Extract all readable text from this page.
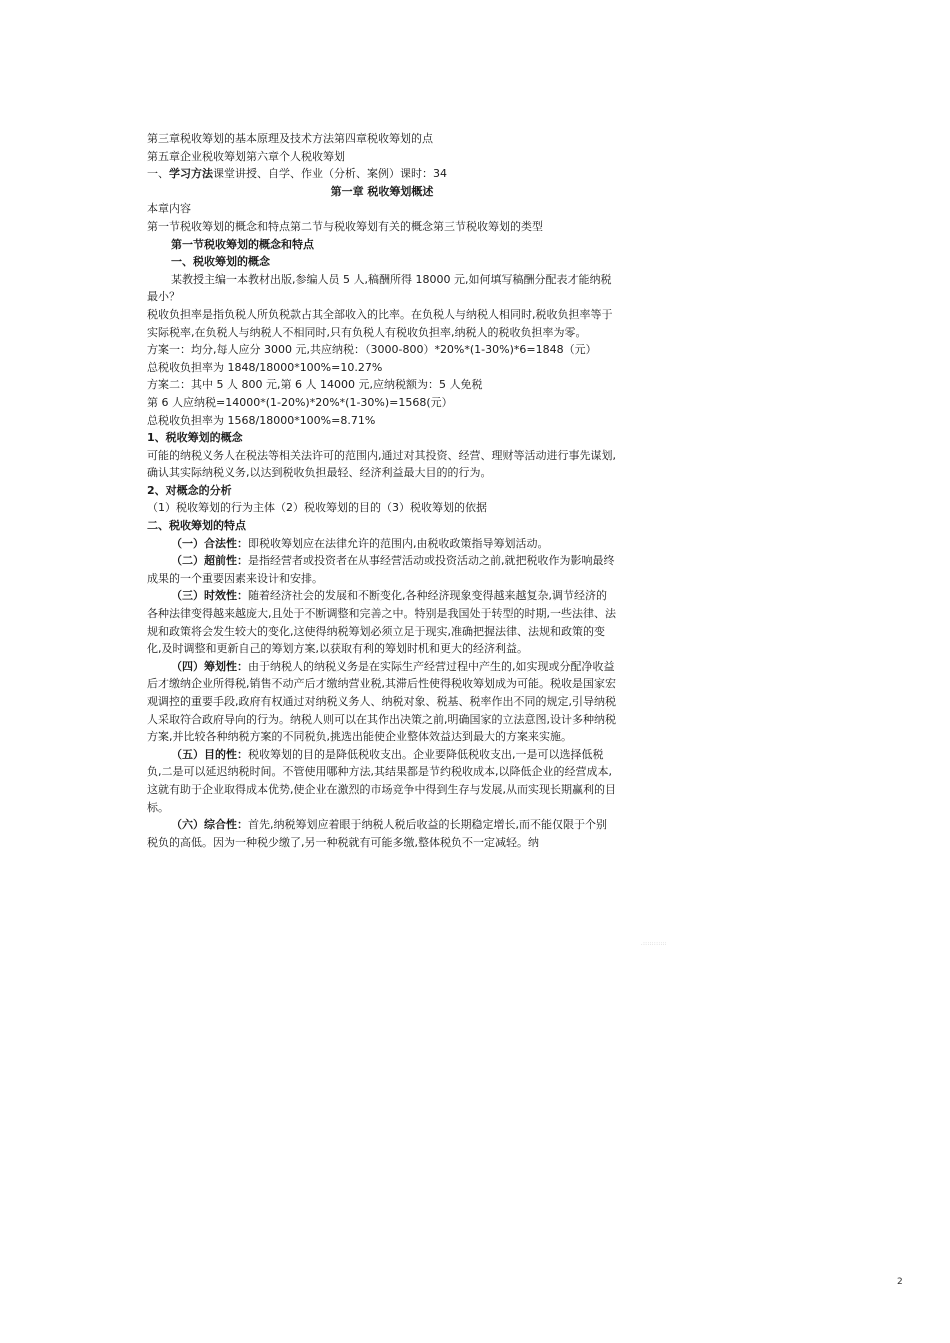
第三章税收筹划的基本原理及技术方法第四章税收筹划的点

第五章企业税收筹划第六章个人税收筹划

一、学习方法课堂讲授、自学、作业（分析、案例）课时：34

第一章 税收筹划概述

本章内容

第一节税收筹划的概念和特点第二节与税收筹划有关的概念第三节税收筹划的类型

第一节税收筹划的概念和特点

一、税收筹划的概念

某教授主编一本教材出版,参编人员 5 人,稿酬所得 18000 元,如何填写稿酬分配表才能纳税最小？

税收负担率是指负税人所负税款占其全部收入的比率。在负税人与纳税人相同时,税收负担率等于实际税率,在负税人与纳税人不相同时,只有负税人有税收负担率,纳税人的税收负担率为零。

方案一：均分,每人应分 3000 元,共应纳税：（3000-800）*20%*(1-30%)*6=1848（元）

总税收负担率为 1848/18000*100%=10.27%

方案二：其中 5 人 800 元,第 6 人 14000 元,应纳税额为：5 人免税

第 6 人应纳税=14000*(1-20%)*20%*(1-30%)=1568(元）

总税收负担率为 1568/18000*100%=8.71%

1、税收筹划的概念

可能的纳税义务人在税法等相关法许可的范围内,通过对其投资、经营、理财等活动进行事先谋划,确认其实际纳税义务,以达到税收负担最轻、经济利益最大目的的行为。

2、对概念的分析

（1）税收筹划的行为主体（2）税收筹划的目的（3）税收筹划的依据

二、税收筹划的特点

（一）合法性：即税收筹划应在法律允许的范围内,由税收政策指导筹划活动。

（二）超前性：是指经营者或投资者在从事经营活动或投资活动之前,就把税收作为影响最终成果的一个重要因素来设计和安排。

（三）时效性：随着经济社会的发展和不断变化,各种经济现象变得越来越复杂,调节经济的各种法律变得越来越庞大,且处于不断调整和完善之中。特别是我国处于转型的时期,一些法律、法规和政策将会发生较大的变化,这使得纳税筹划必须立足于现实,准确把握法律、法规和政策的变化,及时调整和更新自己的筹划方案,以获取有利的筹划时机和更大的经济利益。

（四）筹划性：由于纳税人的纳税义务是在实际生产经营过程中产生的,如实现或分配净收益后才缴纳企业所得税,销售不动产后才缴纳营业税,其滞后性使得税收筹划成为可能。税收是国家宏观调控的重要手段,政府有权通过对纳税义务人、纳税对象、税基、税率作出不同的规定,引导纳税人采取符合政府导向的行为。纳税人则可以在其作出决策之前,明确国家的立法意图,设计多种纳税方案,并比较各种纳税方案的不同税负,挑选出能使企业整体效益达到最大的方案来实施。

（五）目的性：税收筹划的目的是降低税收支出。企业要降低税收支出,一是可以选择低税负,二是可以延迟纳税时间。不管使用哪种方法,其结果都是节约税收成本,以降低企业的经营成本,这就有助于企业取得成本优势,使企业在激烈的市场竞争中得到生存与发展,从而实现长期赢利的目标。

（六）综合性：首先,纳税筹划应着眼于纳税人税后收益的长期稳定增长,而不能仅限于个别税负的高低。因为一种税少缴了,另一种税就有可能多缴,整体税负不一定减轻。纳

.:::::::::::
2
